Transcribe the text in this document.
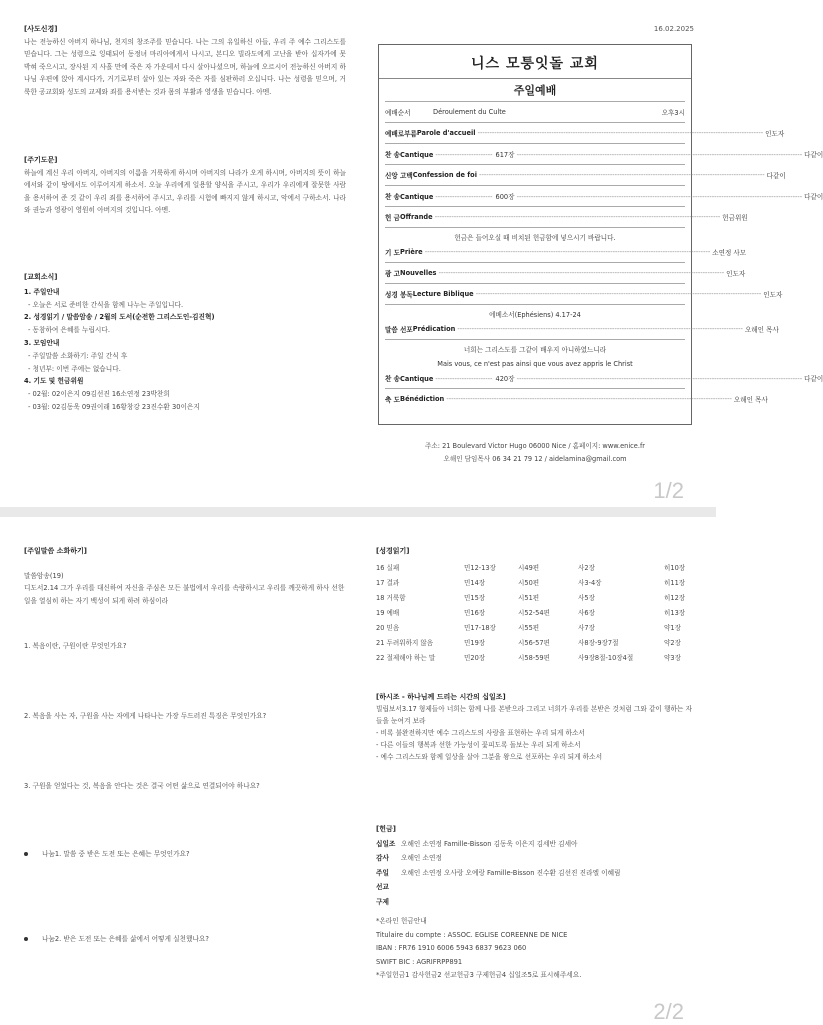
16.02.2025
[사도신경]

나는 전능하신 아버지 하나님, 천지의 창조주를 믿습니다. 나는 그의 유일하신 아들, 우리 주 예수 그리스도를 믿습니다. 그는 성령으로 잉태되어 동정녀 마리아에게서 나시고, 본디오 빌라도에게 고난을 받아 십자가에 못 박혀 죽으시고, 장사된 지 사흘 만에 죽은 자 가운데서 다시 살아나셨으며, 하늘에 오르시어 전능하신 아버지 하나님 우편에 앉아 계시다가, 거기로부터 살아 있는 자와 죽은 자를 심판하러 오십니다. 나는 성령을 믿으며, 거룩한 공교회와 성도의 교제와 죄를 용서받는 것과 몸의 부활과 영생을 믿습니다. 아멘.

[주기도문]

하늘에 계신 우리 아버지, 아버지의 이름을 거룩하게 하시며 아버지의 나라가 오게 하시며, 아버지의 뜻이 하늘에서와 같이 땅에서도 이루어지게 하소서. 오늘 우리에게 일용할 양식을 주시고, 우리가 우리에게 잘못한 사람을 용서하여 준 것 같이 우리 죄를 용서하여 주시고, 우리를 시험에 빠지지 않게 하시고, 악에서 구하소서. 나라와 권능과 영광이 영원히 아버지의 것입니다. 아멘.

[교회소식]
1. 주일안내
- 오늘은 서로 준비한 간식을 함께 나누는 주일입니다.
2. 성경읽기 / 말씀암송 / 2월의 도서(순전한 그리스도인-김진혁)
- 동참하여 은혜를 누립시다.
3. 모임안내
- 주일말씀 소화하기: 주일 간식 후
- 청년부: 이번 주에는 없습니다.
4. 기도 및 헌금위원
- 02월: 02이은지 09김선진 16소연정 23박찬희
- 03월: 02김동욱 09권이래 16황창강 23진수환 30이은지
니스 모퉁잇돌 교회
주일예배
예배순서	Déroulement du Culte	오후3시
예배로부름 Parole d'accueil ------------------------------------------------------------------------------------------------------------------------ 인도자
찬 송 Cantique ------------------------ 617장 ------------------------------------------------------------------------------------------------------------------------ 다같이
신앙 고백 Confession de foi ------------------------------------------------------------------------------------------------------------------------ 다같이
찬 송 Cantique ------------------------ 600장 ------------------------------------------------------------------------------------------------------------------------ 다같이
헌 금 Offrande ------------------------------------------------------------------------------------------------------------------------ 헌금위원
헌금은 들어오실 때 비치된 헌금함에 넣으시기 바랍니다.
기 도 Prière ------------------------------------------------------------------------------------------------------------------------ 소연정 사모
광 고 Nouvelles ------------------------------------------------------------------------------------------------------------------------ 인도자
성경 봉독 Lecture Biblique ------------------------------------------------------------------------------------------------------------------------ 인도자
에베소서(Ephésiens) 4.17-24
말씀 선포 Prédication ------------------------------------------------------------------------------------------------------------------------ 오해인 목사
너희는 그리스도를 그같이 배우지 아니하였느니라
Mais vous, ce n'est pas ainsi que vous avez appris le Christ
찬 송 Cantique ------------------------ 420장 ------------------------------------------------------------------------------------------------------------------------ 다같이
축 도 Bénédiction ------------------------------------------------------------------------------------------------------------------------ 오해인 목사
주소: 21 Boulevard Victor Hugo 06000 Nice / 홈페이지: www.enice.fr
오해인 담임목사 06 34 21 79 12 / aidelamina@gmail.com
1/2
[주일말씀 소화하기]
말씀암송(19)

디도서2.14 그가 우리를 대신하여 자신을 주심은 모든 불법에서 우리를 속량하시고 우리를 깨끗하게 하사 선한 일을 열심히 하는 자기 백성이 되게 하려 하심이라

1. 복음이란, 구원이란 무엇인가요?
2. 복음을 사는 자, 구원을 사는 자에게 나타나는 가장 두드러진 특징은 무엇인가요?
3. 구원을 얻었다는 것, 복음을 안다는 것은 결국 어떤 삶으로 연결되어야 하나요?
나눔1. 말씀 중 받은 도전 또는 은혜는 무엇인가요?
나눔2. 받은 도전 또는 은혜를 삶에서 어떻게 실천했나요?
[성경읽기]
16 실패	민12-13장	시49편	사2장	히10장
17 결과	민14장	시50편	사3-4장	히11장
18 거룩함	민15장	시51편	사5장	히12장
19 예배	민16장	시52-54편	사6장	히13장
20 믿음	민17-18장	시55편	사7장	약1장
21 두려워하지 않음	민19장	시56-57편	사8장-9장7절	약2장
22 절제해야 하는 말	민20장	시58-59편	사9장8절-10장4절	약3장
[하시조 - 하나님께 드리는 시간의 십일조]

빌립보서3.17 형제들아 너희는 함께 나를 본받으라 그리고 너희가 우리를 본받은 것처럼 그와 같이 행하는 자들을 눈여겨 보라

- 비록 불완전하지만 예수 그리스도의 사랑을 표현하는 우리 되게 하소서
- 다른 이들의 행복과 선한 가능성이 꽃피도록 돌보는 우리 되게 하소서
- 예수 그리스도와 함께 일상을 살아 그분을 왕으로 선포하는 우리 되게 하소서
[헌금]
십일조 오해인 소연정 Famille-Bisson 김동욱 이은지 김세반 김세아
감사 오해인 소연정
주일 오해인 소연정 오사랑 오예랑 Famille-Bisson 진수환 김선진 진라엘 이혜림
선교
구제
*온라인 헌금안내
Titulaire du compte : ASSOC. EGLISE COREENNE DE NICE
IBAN : FR76 1910 6006 5943 6837 9623 060
SWIFT BIC : AGRIFRPP891
*주일헌금1 감사헌금2 선교헌금3 구제헌금4 십일조5로 표시해주세요.
2/2
